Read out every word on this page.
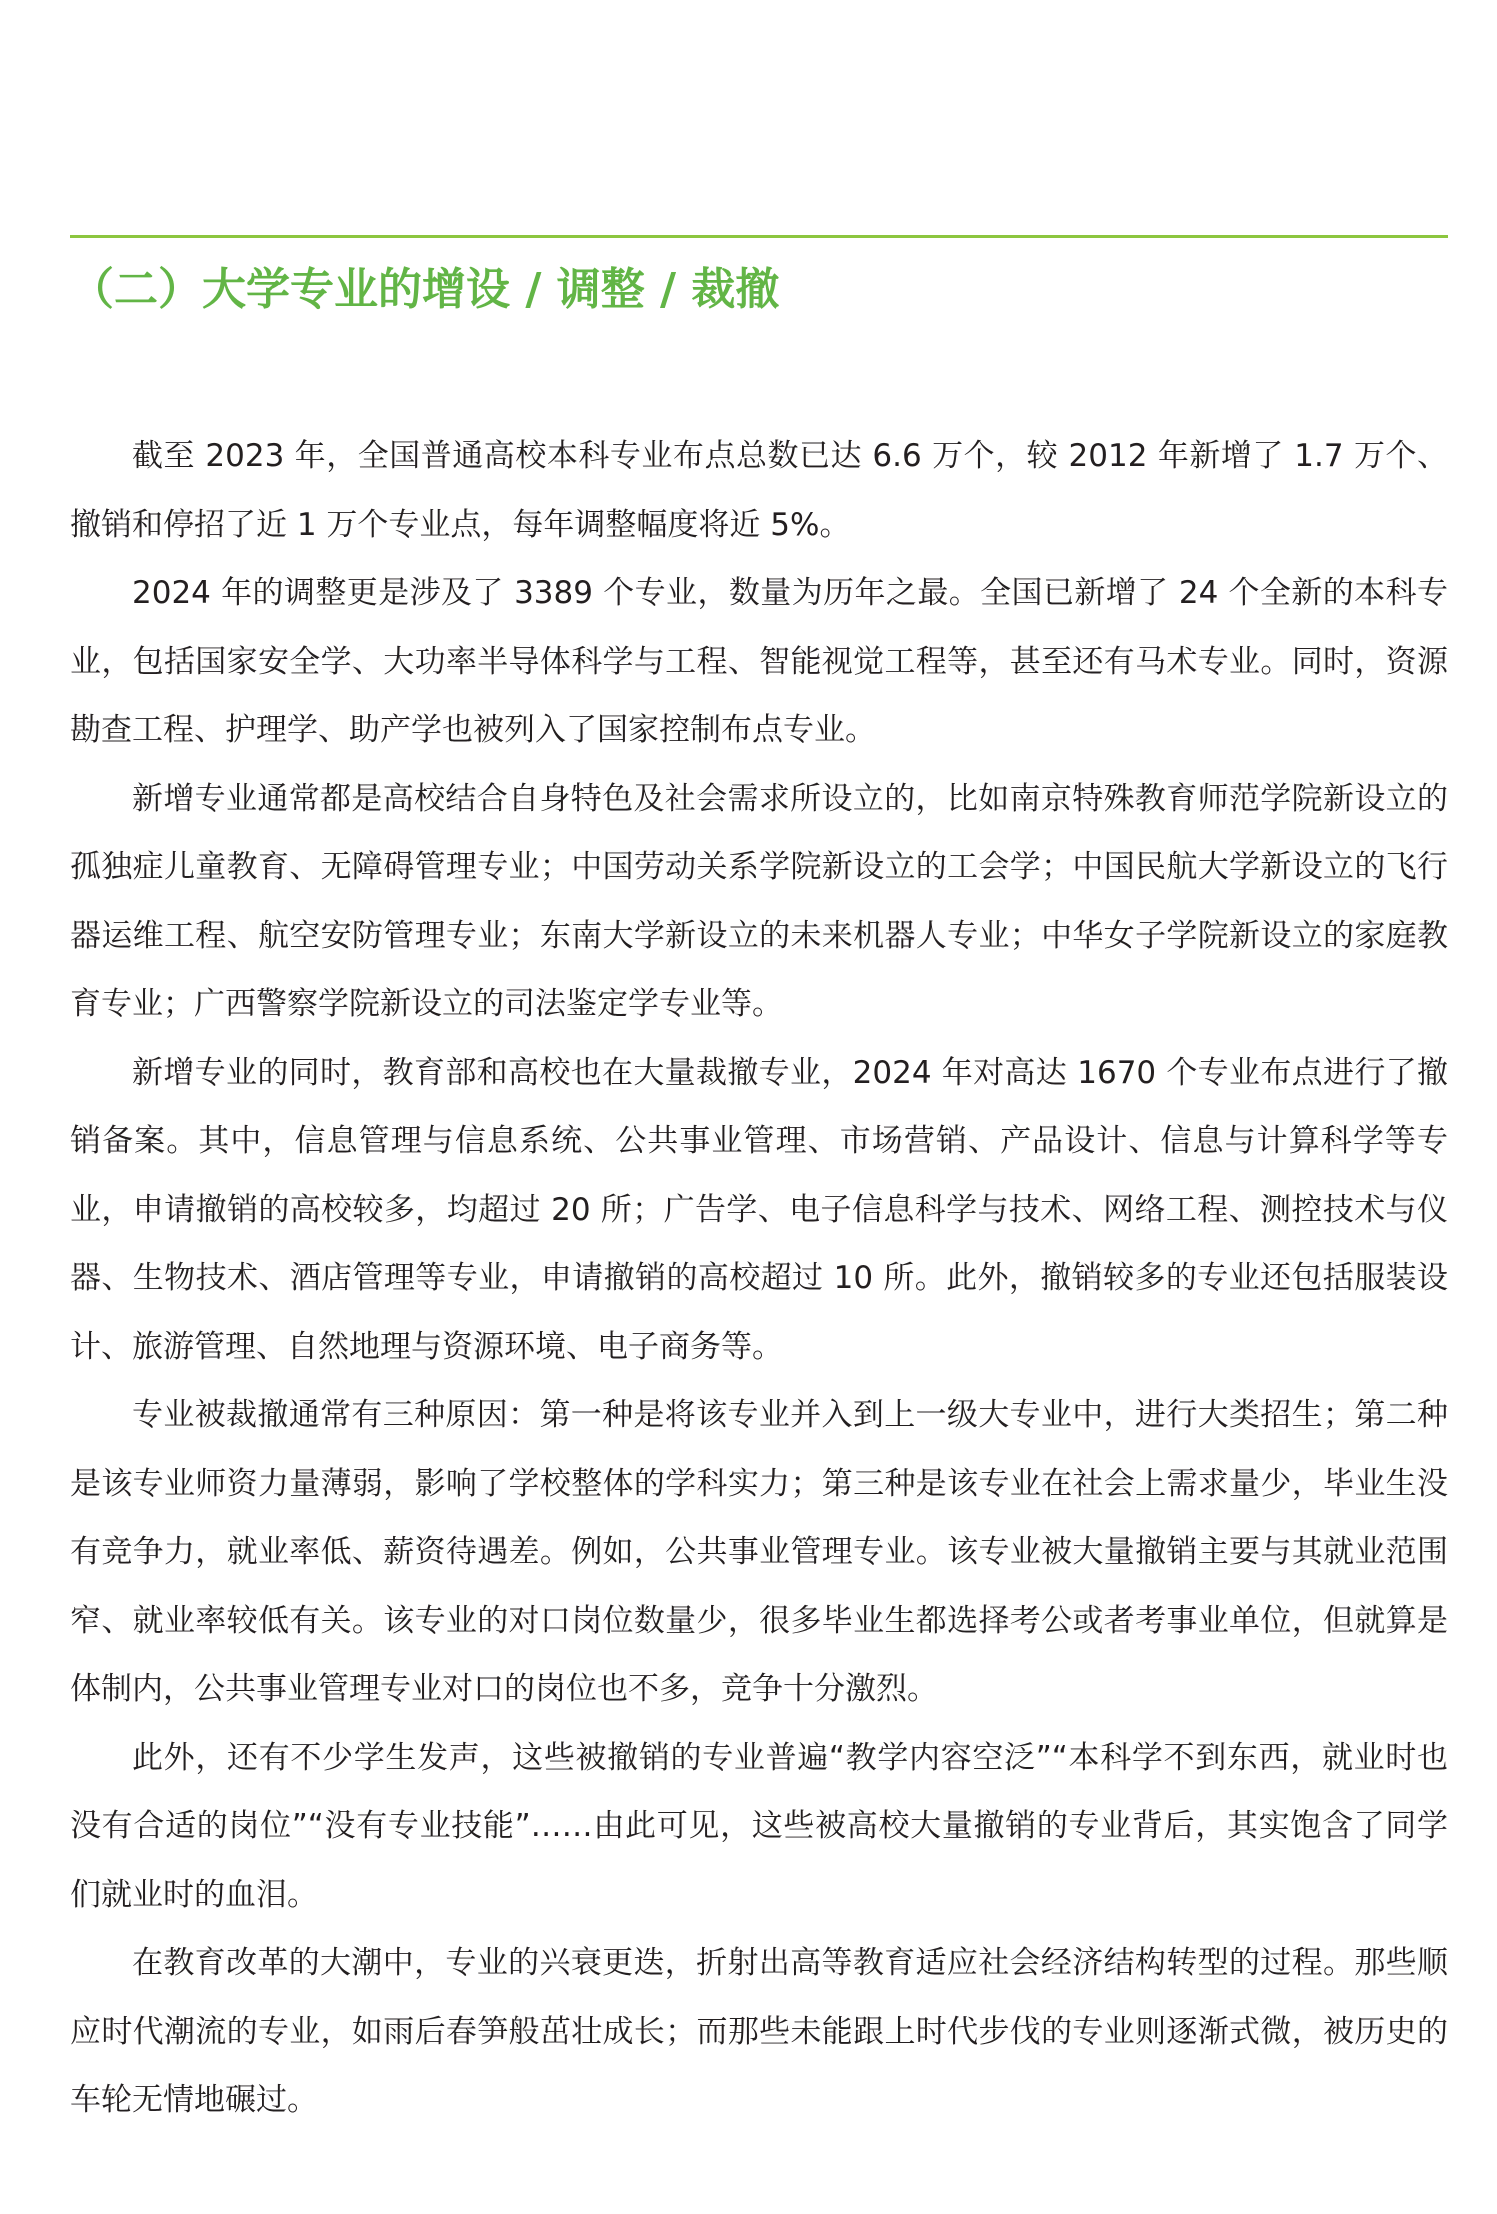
（二）大学专业的增设 / 调整 / 裁撤

截至 2023 年，全国普通高校本科专业布点总数已达 6.6 万个，较 2012 年新增了 1.7 万个、撤销和停招了近 1 万个专业点，每年调整幅度将近 5%。

2024 年的调整更是涉及了 3389 个专业，数量为历年之最。全国已新增了 24 个全新的本科专业，包括国家安全学、大功率半导体科学与工程、智能视觉工程等，甚至还有马术专业。同时，资源勘查工程、护理学、助产学也被列入了国家控制布点专业。

新增专业通常都是高校结合自身特色及社会需求所设立的，比如南京特殊教育师范学院新设立的孤独症儿童教育、无障碍管理专业；中国劳动关系学院新设立的工会学；中国民航大学新设立的飞行器运维工程、航空安防管理专业；东南大学新设立的未来机器人专业；中华女子学院新设立的家庭教育专业；广西警察学院新设立的司法鉴定学专业等。

新增专业的同时，教育部和高校也在大量裁撤专业，2024 年对高达 1670 个专业布点进行了撤销备案。其中，信息管理与信息系统、公共事业管理、市场营销、产品设计、信息与计算科学等专业，申请撤销的高校较多，均超过 20 所；广告学、电子信息科学与技术、网络工程、测控技术与仪器、生物技术、酒店管理等专业，申请撤销的高校超过 10 所。此外，撤销较多的专业还包括服装设计、旅游管理、自然地理与资源环境、电子商务等。

专业被裁撤通常有三种原因：第一种是将该专业并入到上一级大专业中，进行大类招生；第二种是该专业师资力量薄弱，影响了学校整体的学科实力；第三种是该专业在社会上需求量少，毕业生没有竞争力，就业率低、薪资待遇差。例如，公共事业管理专业。该专业被大量撤销主要与其就业范围窄、就业率较低有关。该专业的对口岗位数量少，很多毕业生都选择考公或者考事业单位，但就算是体制内，公共事业管理专业对口的岗位也不多，竞争十分激烈。

此外，还有不少学生发声，这些被撤销的专业普遍“教学内容空泛”“本科学不到东西，就业时也没有合适的岗位”“没有专业技能”……由此可见，这些被高校大量撤销的专业背后，其实饱含了同学们就业时的血泪。

在教育改革的大潮中，专业的兴衰更迭，折射出高等教育适应社会经济结构转型的过程。那些顺应时代潮流的专业，如雨后春笋般茁壮成长；而那些未能跟上时代步伐的专业则逐渐式微，被历史的车轮无情地碾过。
